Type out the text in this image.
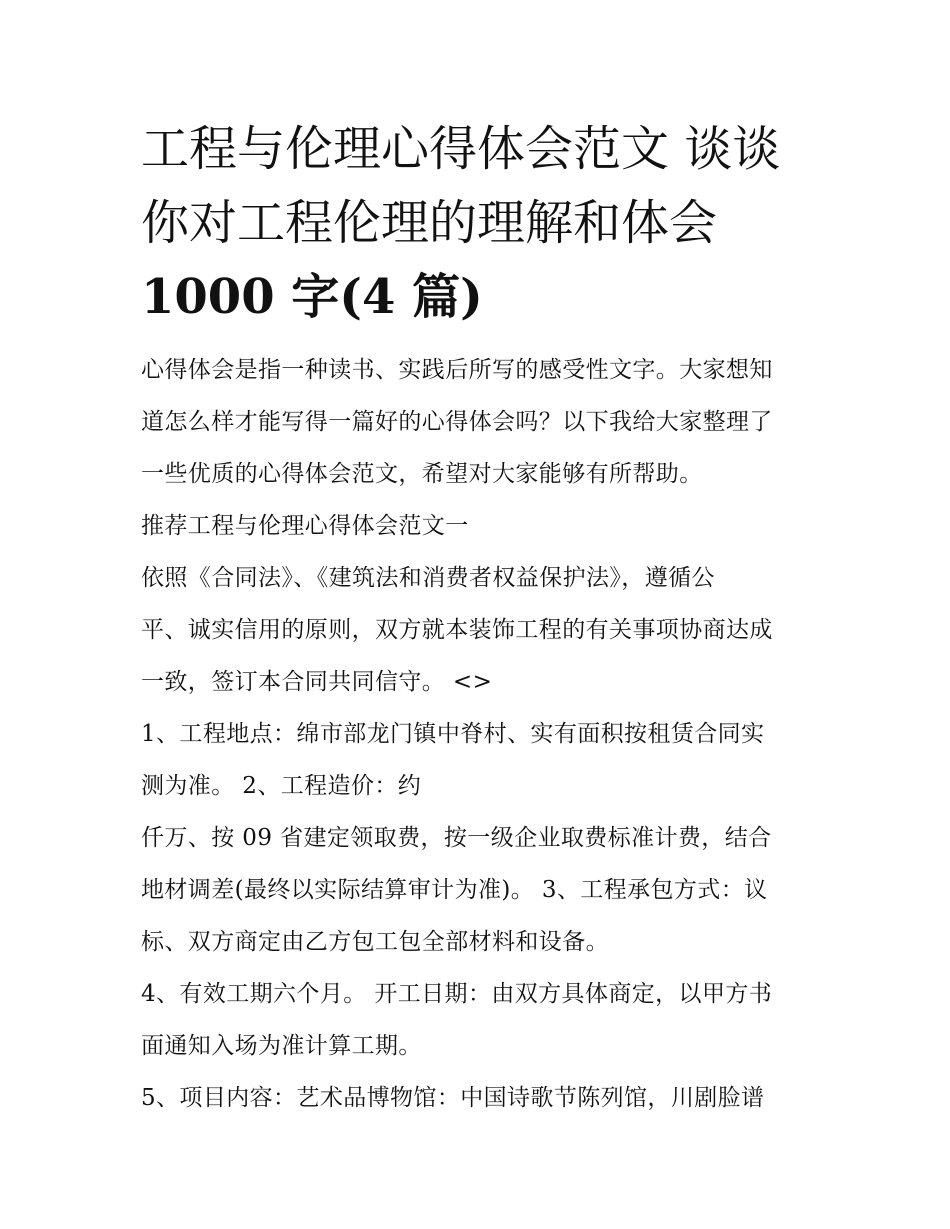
工程与伦理心得体会范文 谈谈
你对工程伦理的理解和体会
1000 字(4 篇)
心得体会是指一种读书、实践后所写的感受性文字。大家想知
道怎么样才能写得一篇好的心得体会吗？以下我给大家整理了
一些优质的心得体会范文，希望对大家能够有所帮助。
推荐工程与伦理心得体会范文一
依照《合同法》、《建筑法和消费者权益保护法》，遵循公
平、诚实信用的原则，双方就本装饰工程的有关事项协商达成
一致，签订本合同共同信守。 <>
1、工程地点：绵市部龙门镇中脊村、实有面积按租赁合同实
测为准。 2、工程造价：约
仟万、按 09 省建定领取费，按一级企业取费标准计费，结合
地材调差(最终以实际结算审计为准)。 3、工程承包方式：议
标、双方商定由乙方包工包全部材料和设备。
4、有效工期六个月。 开工日期：由双方具体商定，以甲方书
面通知入场为准计算工期。
5、项目内容：艺术品博物馆：中国诗歌节陈列馆，川剧脸谱
